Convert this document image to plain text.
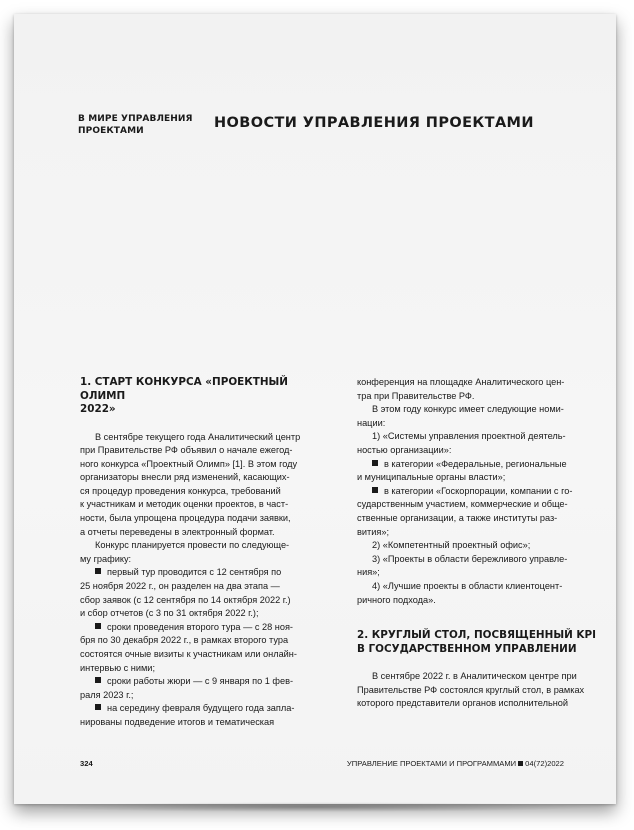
В МИРЕ УПРАВЛЕНИЯ
ПРОЕКТАМИ	НОВОСТИ УПРАВЛЕНИЯ ПРОЕКТАМИ
1. СТАРТ КОНКУРСА «ПРОЕКТНЫЙ ОЛИМП
2022»

В сентябре текущего года Аналитический центр

при Правительстве РФ объявил о начале ежегод-

ного конкурса «Проектный Олимп» [1]. В этом году

организаторы внесли ряд изменений, касающих-

ся процедур проведения конкурса, требований

к участникам и методик оценки проектов, в част-

ности, была упрощена процедура подачи заявки,

а отчеты переведены в электронный формат.

Конкурс планируется провести по следующе-

му графику:

первый тур проводится с 12 сентября по

25 ноября 2022 г., он разделен на два этапа —

сбор заявок (с 12 сентября по 14 октября 2022 г.)

и сбор отчетов (с 3 по 31 октября 2022 г.);

сроки проведения второго тура — с 28 ноя-

бря по 30 декабря 2022 г., в рамках второго тура

состоятся очные визиты к участникам или онлайн-

интервью с ними;

сроки работы жюри — с 9 января по 1 фев-

раля 2023 г.;

на середину февраля будущего года запла-

нированы подведение итогов и тематическая

конференция на площадке Аналитического цен-

тра при Правительстве РФ.

В этом году конкурс имеет следующие номи-

нации:

1) «Системы управления проектной деятель-

ностью организации»:

в категории «Федеральные, региональные

и муниципальные органы власти»;

в категории «Госкорпорации, компании с го-

сударственным участием, коммерческие и обще-

ственные организации, а также институты раз-

вития»;

2) «Компетентный проектный офис»;

3) «Проекты в области бережливого управле-

ния»;

4) «Лучшие проекты в области клиентоцент-

ричного подхода».

2. КРУГЛЫЙ СТОЛ, ПОСВЯЩЕННЫЙ KPI
В ГОСУДАРСТВЕННОМ УПРАВЛЕНИИ

В сентябре 2022 г. в Аналитическом центре при

Правительстве РФ состоялся круглый стол, в рамках

которого представители органов исполнительной

324	УПРАВЛЕНИЕ ПРОЕКТАМИ И ПРОГРАММАМИ 04(72)2022
